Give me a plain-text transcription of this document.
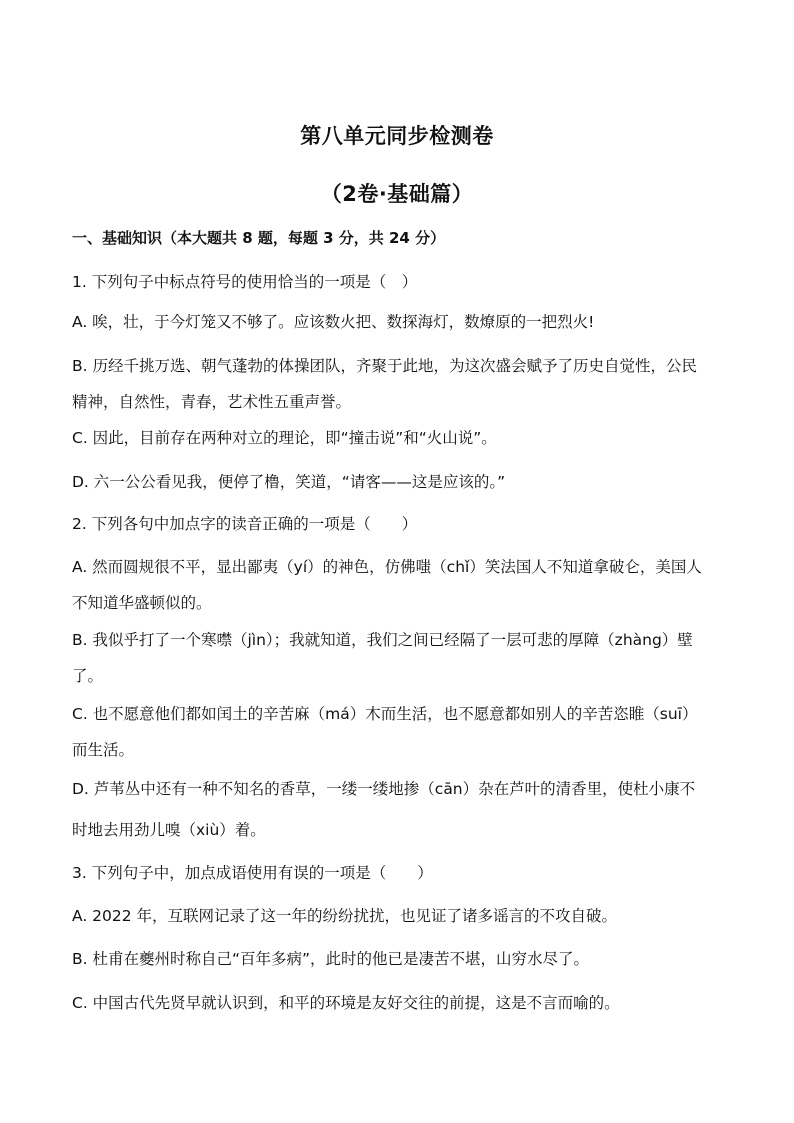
第八单元同步检测卷
（2卷·基础篇）
一、基础知识（本大题共 8 题，每题 3 分，共 24 分）
1. 下列句子中标点符号的使用恰当的一项是（　）
A. 唉，壮，于今灯笼又不够了。应该数火把、数探海灯，数燎原的一把烈火!
B. 历经千挑万选、朝气蓬勃的体操团队，齐聚于此地，为这次盛会赋予了历史自觉性，公民
精神，自然性，青春，艺术性五重声誉。
C. 因此，目前存在两种对立的理论，即“撞击说”和“火山说”。
D. 六一公公看见我，便停了橹，笑道，“请客——这是应该的。”
2. 下列各句中加点字的读音正确的一项是（　　）
A. 然而圆规很不平，显出鄙夷（yí）的神色，仿佛嗤（chǐ）笑法国人不知道拿破仑，美国人
不知道华盛顿似的。
B. 我似乎打了一个寒噤（jìn）；我就知道，我们之间已经隔了一层可悲的厚障（zhàng）壁
了。
C. 也不愿意他们都如闰土的辛苦麻（má）木而生活，也不愿意都如别人的辛苦恣睢（suī）
而生活。
D. 芦苇丛中还有一种不知名的香草，一缕一缕地掺（cān）杂在芦叶的清香里，使杜小康不
时地去用劲儿嗅（xiù）着。
3. 下列句子中，加点成语使用有误的一项是（　　）
A. 2022 年，互联网记录了这一年的纷纷扰扰，也见证了诸多谣言的不攻自破。
B. 杜甫在夔州时称自己“百年多病”，此时的他已是凄苦不堪，山穷水尽了。
C. 中国古代先贤早就认识到，和平的环境是友好交往的前提，这是不言而喻的。
